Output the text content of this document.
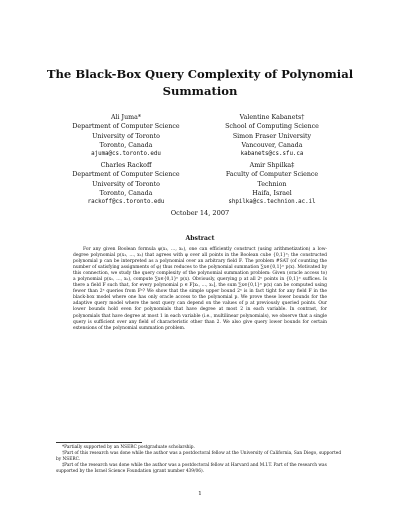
The Black-Box Query Complexity of Polynomial Summation
Ali Juma*
Department of Computer Science
University of Toronto
Toronto, Canada
ajuma@cs.toronto.edu
Valentine Kabanets†
School of Computing Science
Simon Fraser University
Vancouver, Canada
kabanets@cs.sfu.ca
Charles Rackoff
Department of Computer Science
University of Toronto
Toronto, Canada
rackoff@cs.toronto.edu
Amir Shpilka‡
Faculty of Computer Science
Technion
Haifa, Israel
shpilka@cs.technion.ac.il
October 14, 2007
Abstract
For any given Boolean formula φ(x₁, …, xₙ), one can efficiently construct (using arithmetization) a low-degree polynomial p(x₁, …, xₙ) that agrees with φ over all points in the Boolean cube {0,1}ⁿ; the constructed polynomial p can be interpreted as a polynomial over an arbitrary field 𝔽. The problem #SAT (of counting the number of satisfying assignments of φ) thus reduces to the polynomial summation ∑x∈{0,1}ⁿ p(x). Motivated by this connection, we study the query complexity of the polynomial summation problem: Given (oracle access to) a polynomial p(x₁, …, xₙ), compute ∑x∈{0,1}ⁿ p(x). Obviously, querying p at all 2ⁿ points in {0,1}ⁿ suffices. Is there a field 𝔽 such that, for every polynomial p ∈ 𝔽[x₁, …, xₙ], the sum ∑x∈{0,1}ⁿ p(x) can be computed using fewer than 2ⁿ queries from 𝔽ⁿ? We show that the simple upper bound 2ⁿ is in fact tight for any field 𝔽 in the black-box model where one has only oracle access to the polynomial p. We prove these lower bounds for the adaptive query model where the next query can depend on the values of p at previously queried points. Our lower bounds hold even for polynomials that have degree at most 2 in each variable. In contrast, for polynomials that have degree at most 1 in each variable (i.e., multilinear polynomials), we observe that a single query is sufficient over any field of characteristic other than 2. We also give query lower bounds for certain extensions of the polynomial summation problem.
*Partially supported by an NSERC postgraduate scholarship.
†Part of this research was done while the author was a postdoctoral fellow at the University of California, San Diego, supported by NSERC.
‡Part of the research was done while the author was a postdoctoral fellow at Harvard and M.I.T. Part of the research was supported by the Israel Science Foundation (grant number 439/06).
1
